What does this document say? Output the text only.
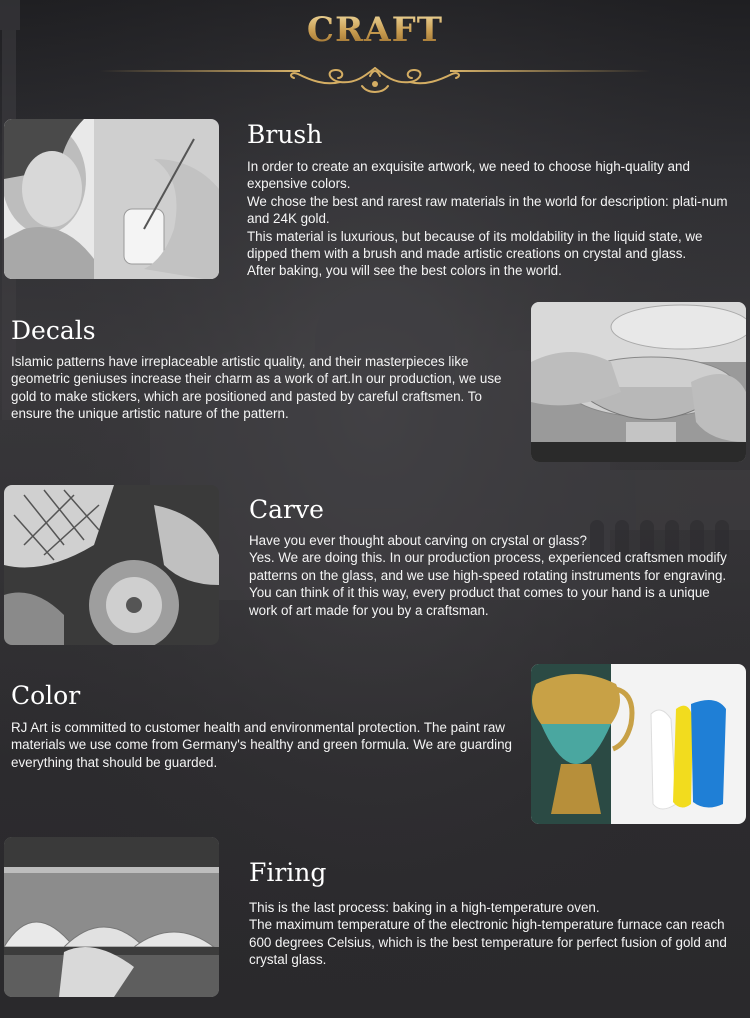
CRAFT
Brush

In order to create an exquisite artwork, we need to choose high-quality and expensive colors.

We chose the best and rarest raw materials in the world for description: plati-num and 24K gold.

This material is luxurious, but because of its moldability in the liquid state, we dipped them with a brush and made artistic creations on crystal and glass.

After baking, you will see the best colors in the world.

Decals

Islamic patterns have irreplaceable artistic quality, and their masterpieces like geometric geniuses increase their charm as a work of art.In our production, we use gold to make stickers, which are positioned and pasted by careful craftsmen. To ensure the unique artistic nature of the pattern.

Carve

Have you ever thought about carving on crystal or glass?

Yes. We are doing this. In our production process, experienced craftsmen modify patterns on the glass, and we use high-speed rotating instruments for engraving.

You can think of it this way, every product that comes to your hand is a unique work of art made for you by a craftsman.

Color

RJ Art is committed to customer health and environmental protection. The paint raw materials we use come from Germany's healthy and green formula. We are guarding everything that should be guarded.

Firing

This is the last process: baking in a high-temperature oven.

The maximum temperature of the electronic high-temperature furnace can reach 600 degrees Celsius, which is the best temperature for perfect fusion of gold and crystal glass.
